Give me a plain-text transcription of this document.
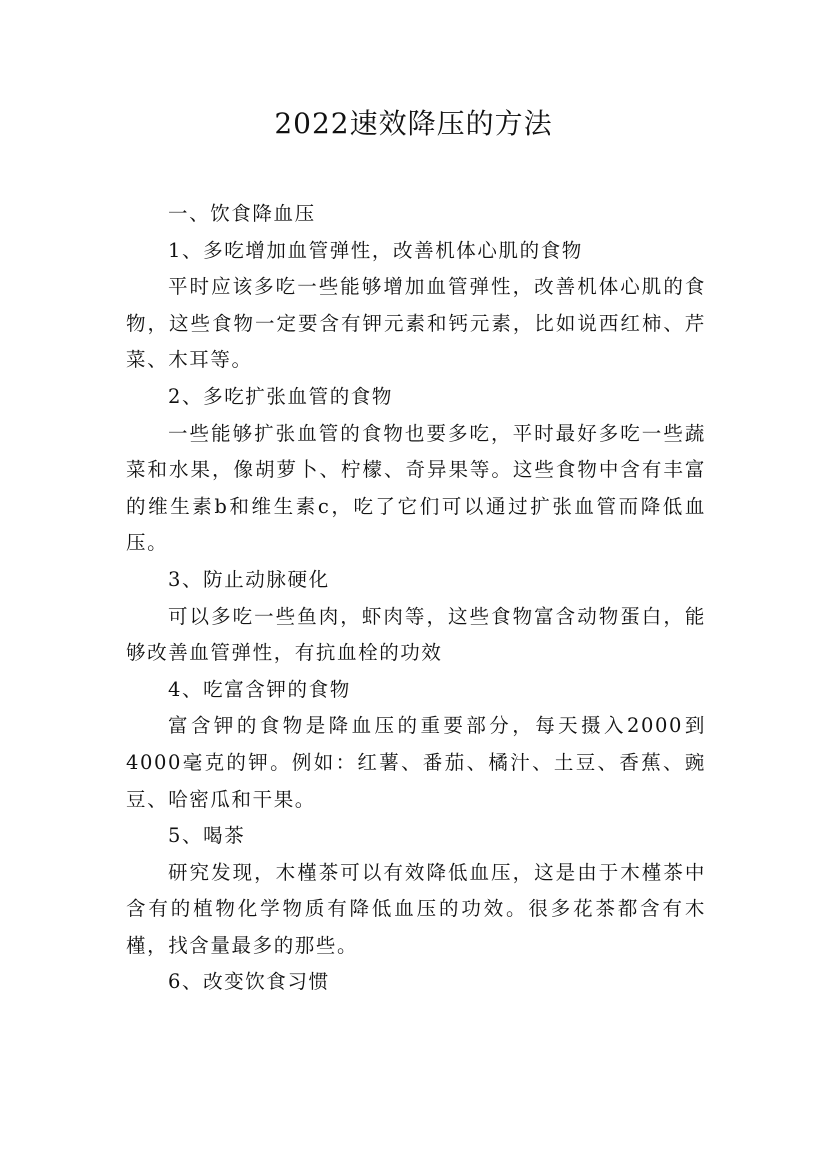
2022速效降压的方法

一、饮食降血压

1、多吃增加血管弹性，改善机体心肌的食物

平时应该多吃一些能够增加血管弹性，改善机体心肌的食物，这些食物一定要含有钾元素和钙元素，比如说西红柿、芹菜、木耳等。

2、多吃扩张血管的食物

一些能够扩张血管的食物也要多吃，平时最好多吃一些蔬菜和水果，像胡萝卜、柠檬、奇异果等。这些食物中含有丰富的维生素b和维生素c，吃了它们可以通过扩张血管而降低血压。

3、防止动脉硬化

可以多吃一些鱼肉，虾肉等，这些食物富含动物蛋白，能够改善血管弹性，有抗血栓的功效

4、吃富含钾的食物

富含钾的食物是降血压的重要部分，每天摄入2000到4000毫克的钾。例如：红薯、番茄、橘汁、土豆、香蕉、豌豆、哈密瓜和干果。

5、喝茶

研究发现，木槿茶可以有效降低血压，这是由于木槿茶中含有的植物化学物质有降低血压的功效。很多花茶都含有木槿，找含量最多的那些。

6、改变饮食习惯
